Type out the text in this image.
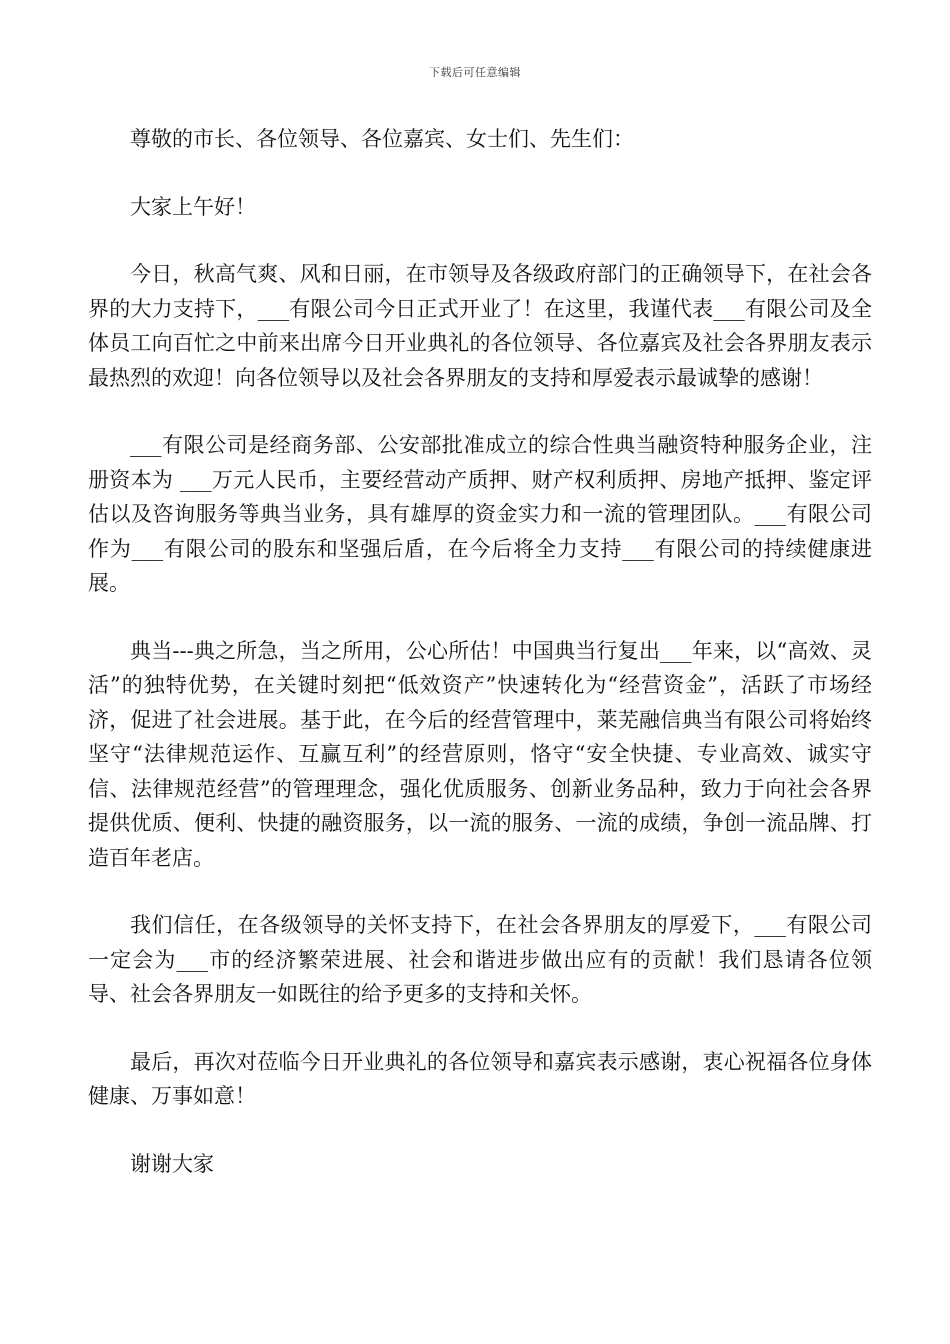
下载后可任意编辑

尊敬的市长、各位领导、各位嘉宾、女士们、先生们：

大家上午好！

今日，秋高气爽、风和日丽，在市领导及各级政府部门的正确领导下，在社会各界的大力支持下，___有限公司今日正式开业了！在这里，我谨代表___有限公司及全体员工向百忙之中前来出席今日开业典礼的各位领导、各位嘉宾及社会各界朋友表示最热烈的欢迎！向各位领导以及社会各界朋友的支持和厚爱表示最诚挚的感谢！

___有限公司是经商务部、公安部批准成立的综合性典当融资特种服务企业，注册资本为 ___万元人民币，主要经营动产质押、财产权利质押、房地产抵押、鉴定评估以及咨询服务等典当业务，具有雄厚的资金实力和一流的管理团队。___有限公司作为___有限公司的股东和坚强后盾，在今后将全力支持___有限公司的持续健康进展。

典当---典之所急，当之所用，公心所估！中国典当行复出___年来，以“高效、灵活”的独特优势，在关键时刻把“低效资产”快速转化为“经营资金”，活跃了市场经济，促进了社会进展。基于此，在今后的经营管理中，莱芜融信典当有限公司将始终坚守“法律规范运作、互赢互利”的经营原则，恪守“安全快捷、专业高效、诚实守信、法律规范经营”的管理理念，强化优质服务、创新业务品种，致力于向社会各界提供优质、便利、快捷的融资服务，以一流的服务、一流的成绩，争创一流品牌、打造百年老店。

我们信任，在各级领导的关怀支持下，在社会各界朋友的厚爱下，___有限公司一定会为___市的经济繁荣进展、社会和谐进步做出应有的贡献！我们恳请各位领导、社会各界朋友一如既往的给予更多的支持和关怀。

最后，再次对莅临今日开业典礼的各位领导和嘉宾表示感谢，衷心祝福各位身体健康、万事如意！

谢谢大家
